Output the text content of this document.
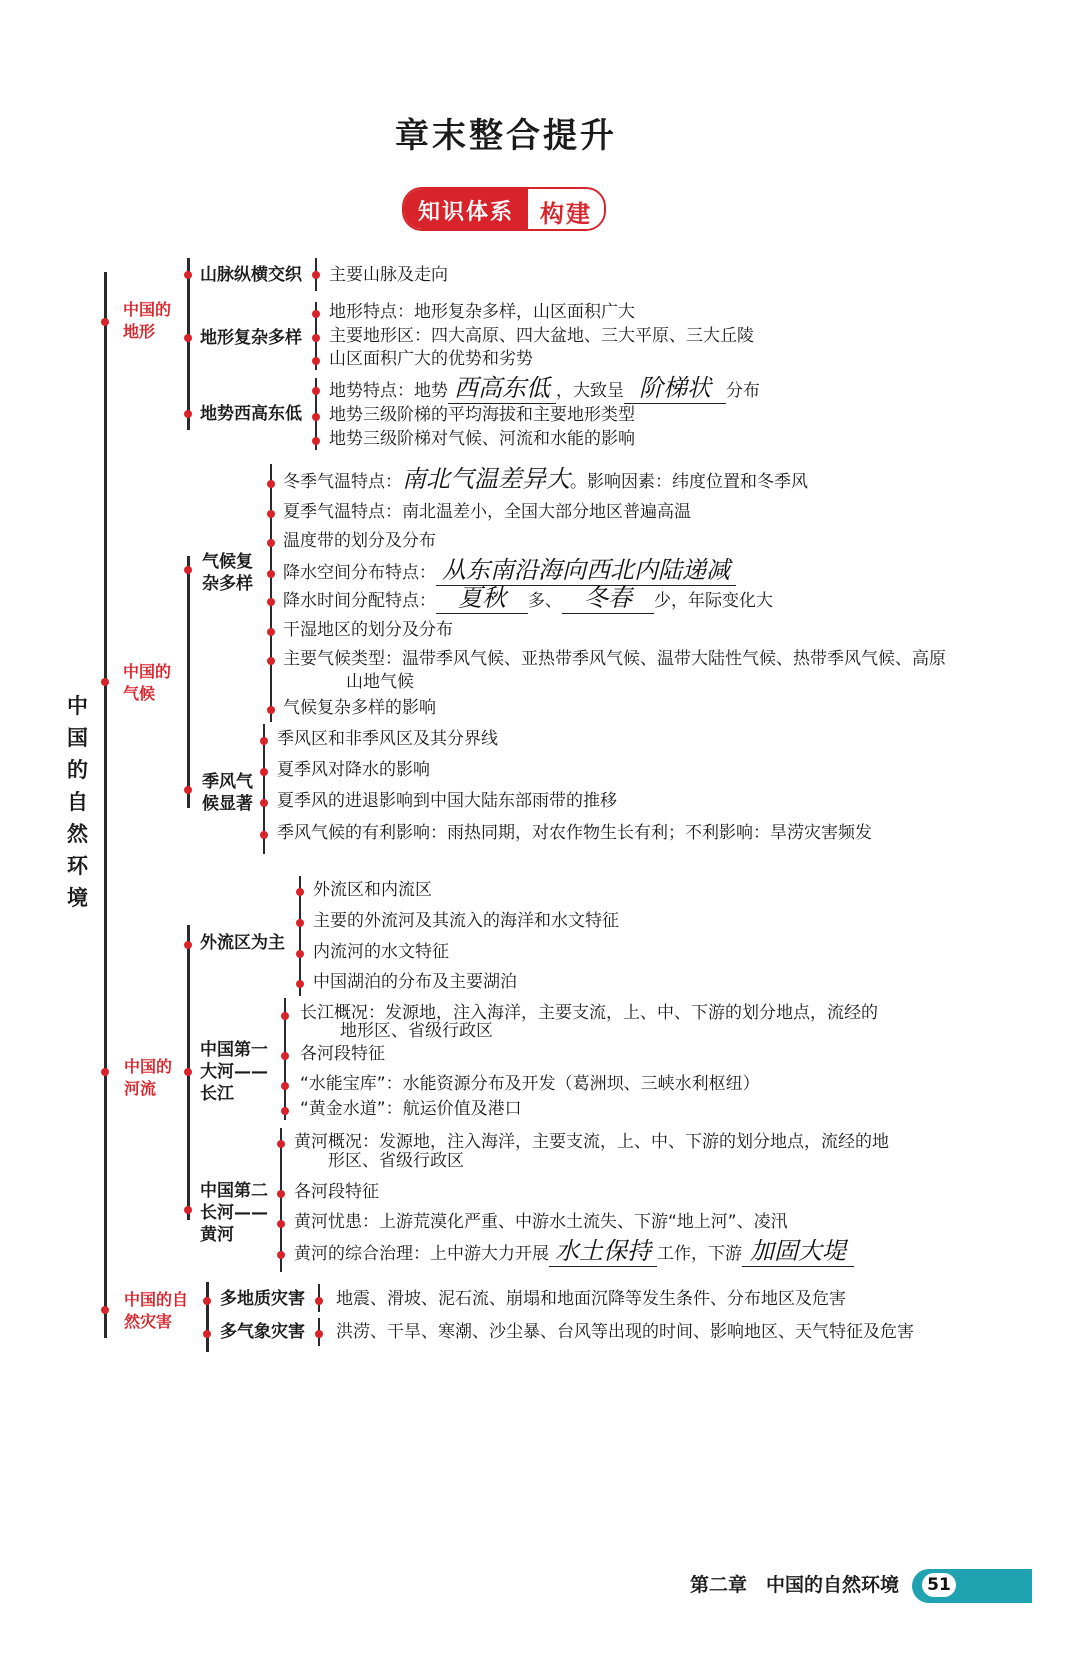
章末整合提升
知识体系	构建
中国的自然环境
中国的
地形
山脉纵横交织 主要山脉及走向
地形复杂多样
地形特点：地形复杂多样，山区面积广大
主要地形区：四大高原、四大盆地、三大平原、三大丘陵
山区面积广大的优势和劣势
地势西高东低
地势特点：地势 西高东低 ，大致呈 阶梯状 分布
地势三级阶梯的平均海拔和主要地形类型
地势三级阶梯对气候、河流和水能的影响
中国的
气候
气候复
杂多样
冬季气温特点：南北气温差异大。影响因素：纬度位置和冬季风
夏季气温特点：南北温差小，全国大部分地区普遍高温
温度带的划分及分布
降水空间分布特点： 从东南沿海向西北内陆递减
降水时间分配特点： 夏秋 多、 冬春 少，年际变化大
干湿地区的划分及分布
主要气候类型：温带季风气候、亚热带季风气候、温带大陆性气候、热带季风气候、高原
山地气候
气候复杂多样的影响
季风气
候显著
季风区和非季风区及其分界线
夏季风对降水的影响
夏季风的进退影响到中国大陆东部雨带的推移
季风气候的有利影响：雨热同期，对农作物生长有利；不利影响：旱涝灾害频发
中国的
河流
外流区为主
外流区和内流区
主要的外流河及其流入的海洋和水文特征
内流河的水文特征
中国湖泊的分布及主要湖泊
中国第一
大河——
长江
长江概况：发源地，注入海洋，主要支流，上、中、下游的划分地点，流经的
地形区、省级行政区
各河段特征
“水能宝库”：水能资源分布及开发（葛洲坝、三峡水利枢纽）
“黄金水道”：航运价值及港口
中国第二
长河——
黄河
黄河概况：发源地，注入海洋，主要支流，上、中、下游的划分地点，流经的地
形区、省级行政区
各河段特征
黄河忧患：上游荒漠化严重、中游水土流失、下游“地上河”、凌汛
黄河的综合治理：上中游大力开展 水土保持 工作，下游 加固大堤
中国的自
然灾害
多地质灾害 地震、滑坡、泥石流、崩塌和地面沉降等发生条件、分布地区及危害
多气象灾害 洪涝、干旱、寒潮、沙尘暴、台风等出现的时间、影响地区、天气特征及危害
第二章 中国的自然环境	51
